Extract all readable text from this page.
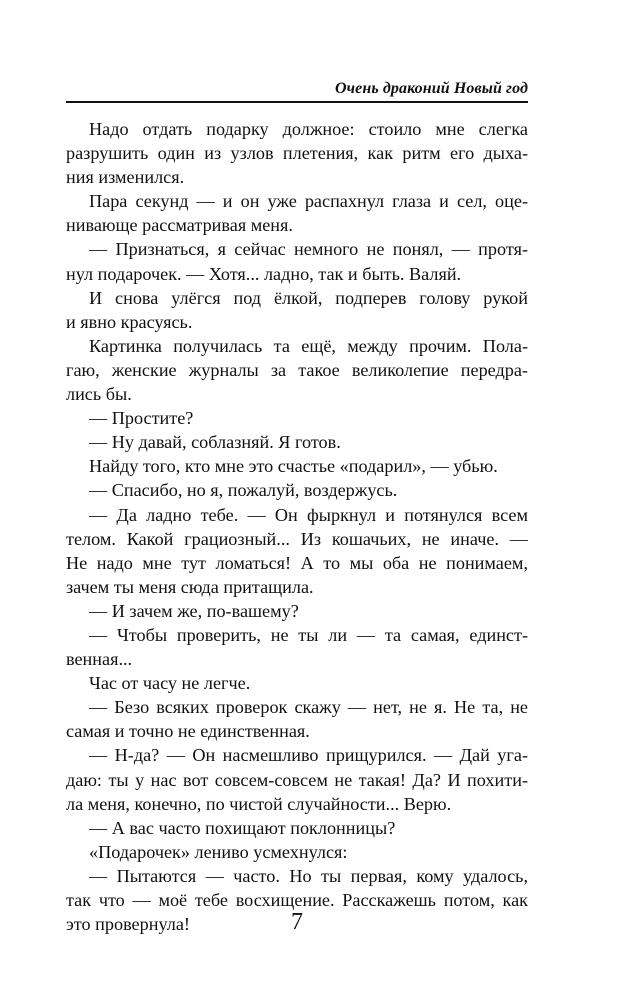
Очень драконий Новый год
Надо отдать подарку должное: стоило мне слегка
разрушить один из узлов плетения, как ритм его дыха-
ния изменился.
Пара секунд — и он уже распахнул глаза и сел, оце-
нивающе рассматривая меня.
— Признаться, я сейчас немного не понял, — протя-
нул подарочек. — Хотя... ладно, так и быть. Валяй.
И снова улёгся под ёлкой, подперев голову рукой
и явно красуясь.
Картинка получилась та ещё, между прочим. Пола-
гаю, женские журналы за такое великолепие передра-
лись бы.
— Простите?
— Ну давай, соблазняй. Я готов.
Найду того, кто мне это счастье «подарил», — убью.
— Спасибо, но я, пожалуй, воздержусь.
— Да ладно тебе. — Он фыркнул и потянулся всем
телом. Какой грациозный... Из кошачьих, не иначе. —
Не надо мне тут ломаться! А то мы оба не понимаем,
зачем ты меня сюда притащила.
— И зачем же, по-вашему?
— Чтобы проверить, не ты ли — та самая, единст-
венная...
Час от часу не легче.
— Безо всяких проверок скажу — нет, не я. Не та, не
самая и точно не единственная.
— Н-да? — Он насмешливо прищурился. — Дай уга-
даю: ты у нас вот совсем-совсем не такая! Да? И похити-
ла меня, конечно, по чистой случайности... Верю.
— А вас часто похищают поклонницы?
«Подарочек» лениво усмехнулся:
— Пытаются — часто. Но ты первая, кому удалось,
так что — моё тебе восхищение. Расскажешь потом, как
это провернула!	7
